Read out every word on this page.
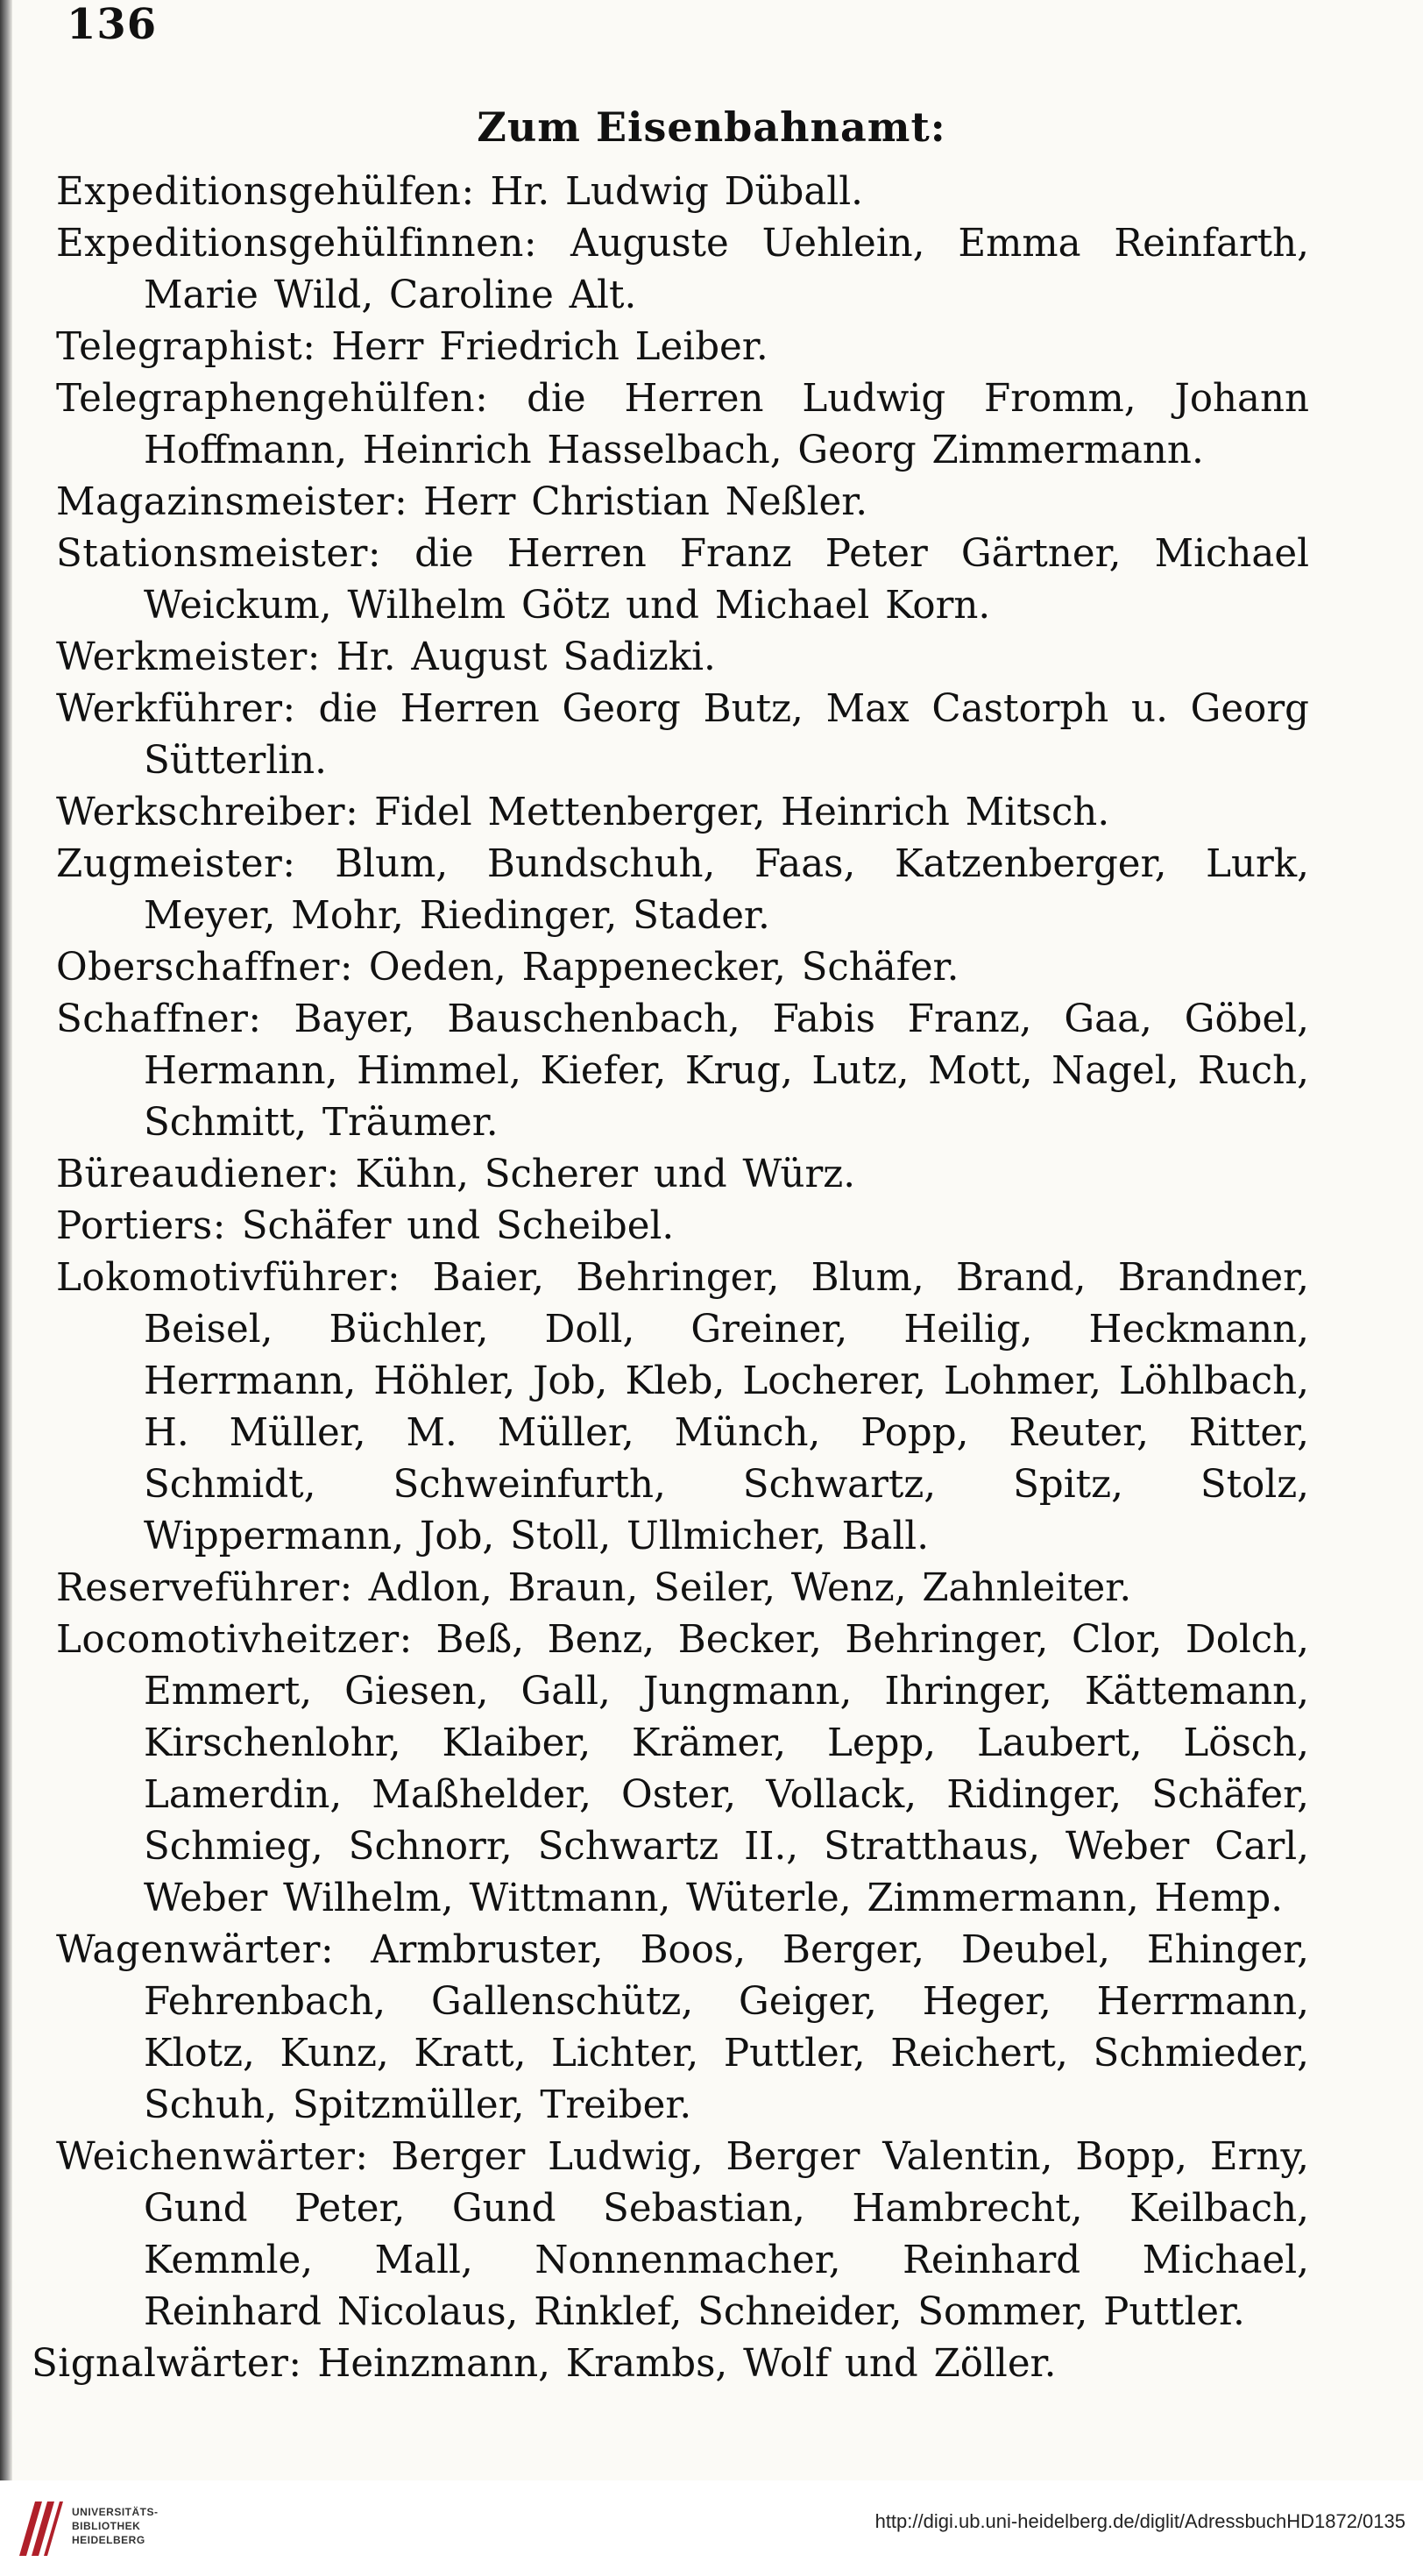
136
Zum Eisenbahnamt:
Expeditionsgehülfen: Hr. Ludwig Düball.
Expeditionsgehülfinnen: Auguste Uehlein, Emma Reinfarth, Marie Wild, Caroline Alt.
Telegraphist: Herr Friedrich Leiber.
Telegraphengehülfen: die Herren Ludwig Fromm, Johann Hoffmann, Heinrich Hasselbach, Georg Zimmermann.
Magazinsmeister: Herr Christian Neßler.
Stationsmeister: die Herren Franz Peter Gärtner, Michael Weickum, Wilhelm Götz und Michael Korn.
Werkmeister: Hr. August Sadizki.
Werkführer: die Herren Georg Butz, Max Castorph u. Georg Sütterlin.
Werkschreiber: Fidel Mettenberger, Heinrich Mitsch.
Zugmeister: Blum, Bundschuh, Faas, Katzenberger, Lurk, Meyer, Mohr, Riedinger, Stader.
Oberschaffner: Oeden, Rappenecker, Schäfer.
Schaffner: Bayer, Bauschenbach, Fabis Franz, Gaa, Göbel, Hermann, Himmel, Kiefer, Krug, Lutz, Mott, Nagel, Ruch, Schmitt, Träumer.
Büreaudiener: Kühn, Scherer und Würz.
Portiers: Schäfer und Scheibel.
Lokomotivführer: Baier, Behringer, Blum, Brand, Brandner, Beisel, Büchler, Doll, Greiner, Heilig, Heckmann, Herrmann, Höhler, Job, Kleb, Locherer, Lohmer, Löhlbach, H. Müller, M. Müller, Münch, Popp, Reuter, Ritter, Schmidt, Schweinfurth, Schwartz, Spitz, Stolz, Wippermann, Job, Stoll, Ullmicher, Ball.
Reserveführer: Adlon, Braun, Seiler, Wenz, Zahnleiter.
Locomotivheitzer: Beß, Benz, Becker, Behringer, Clor, Dolch, Emmert, Giesen, Gall, Jungmann, Ihringer, Kättemann, Kirschenlohr, Klaiber, Krämer, Lepp, Laubert, Lösch, Lamerdin, Maßhelder, Oster, Vollack, Ridinger, Schäfer, Schmieg, Schnorr, Schwartz II., Stratthaus, Weber Carl, Weber Wilhelm, Wittmann, Wüterle, Zimmermann, Hemp.
Wagenwärter: Armbruster, Boos, Berger, Deubel, Ehinger, Fehrenbach, Gallenschütz, Geiger, Heger, Herrmann, Klotz, Kunz, Kratt, Lichter, Puttler, Reichert, Schmieder, Schuh, Spitzmüller, Treiber.
Weichenwärter: Berger Ludwig, Berger Valentin, Bopp, Erny, Gund Peter, Gund Sebastian, Hambrecht, Keilbach, Kemmle, Mall, Nonnenmacher, Reinhard Michael, Reinhard Nicolaus, Rinklef, Schneider, Sommer, Puttler.
Signalwärter: Heinzmann, Krambs, Wolf und Zöller.
UNIVERSITÄTS-
BIBLIOTHEK
HEIDELBERG
http://digi.ub.uni-heidelberg.de/diglit/AdressbuchHD1872/0135
